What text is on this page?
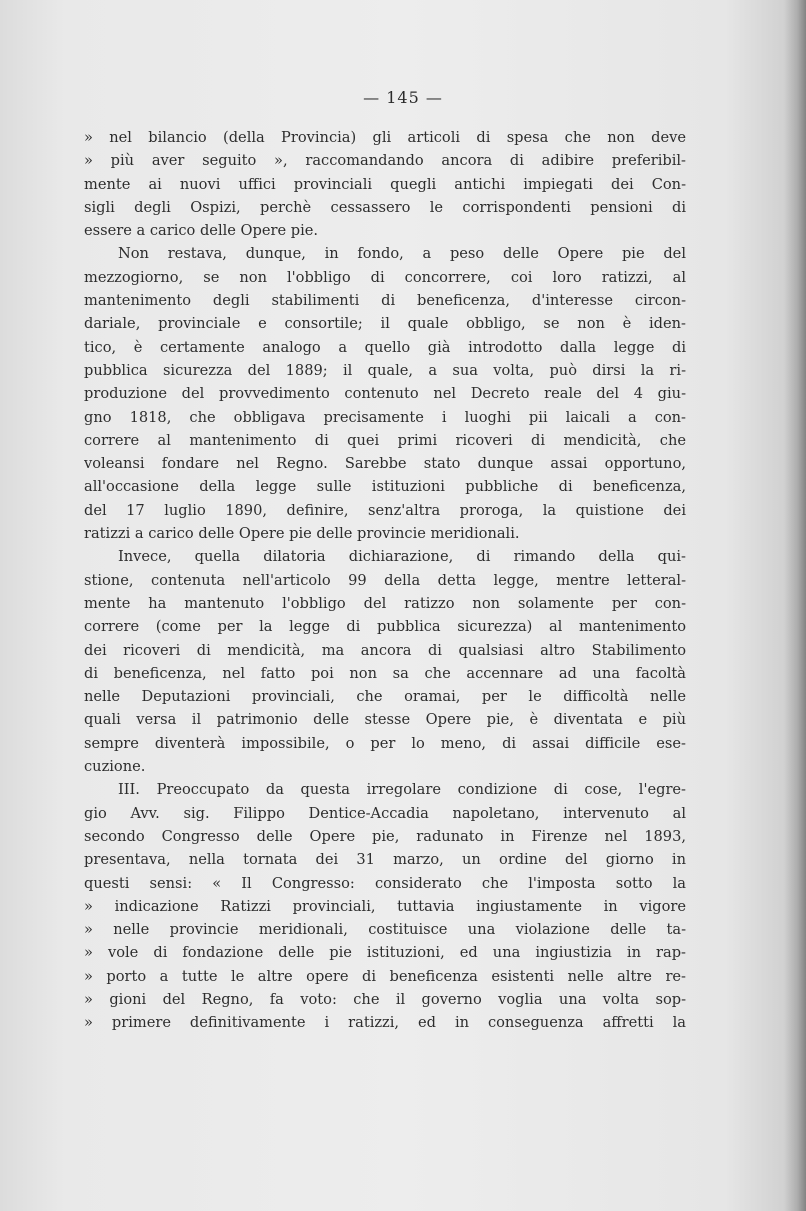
— 145 —
» nel bilancio (della Provincia) gli articoli di spesa che non deve
» più aver seguito », raccomandando ancora di adibire preferibil-
mente ai nuovi uffici provinciali quegli antichi impiegati dei Con-
sigli degli Ospizi, perchè cessassero le corrispondenti pensioni di
essere a carico delle Opere pie.
Non restava, dunque, in fondo, a peso delle Opere pie del
mezzogiorno, se non l'obbligo di concorrere, coi loro ratizzi, al
mantenimento degli stabilimenti di beneficenza, d'interesse circon-
dariale, provinciale e consortile; il quale obbligo, se non è iden-
tico, è certamente analogo a quello già introdotto dalla legge di
pubblica sicurezza del 1889; il quale, a sua volta, può dirsi la ri-
produzione del provvedimento contenuto nel Decreto reale del 4 giu-
gno 1818, che obbligava precisamente i luoghi pii laicali a con-
correre al mantenimento di quei primi ricoveri di mendicità, che
voleansi fondare nel Regno. Sarebbe stato dunque assai opportuno,
all'occasione della legge sulle istituzioni pubbliche di beneficenza,
del 17 luglio 1890, definire, senz'altra proroga, la quistione dei
ratizzi a carico delle Opere pie delle provincie meridionali.
Invece, quella dilatoria dichiarazione, di rimando della qui-
stione, contenuta nell'articolo 99 della detta legge, mentre letteral-
mente ha mantenuto l'obbligo del ratizzo non solamente per con-
correre (come per la legge di pubblica sicurezza) al mantenimento
dei ricoveri di mendicità, ma ancora di qualsiasi altro Stabilimento
di beneficenza, nel fatto poi non sa che accennare ad una facoltà
nelle Deputazioni provinciali, che oramai, per le difficoltà nelle
quali versa il patrimonio delle stesse Opere pie, è diventata e più
sempre diventerà impossibile, o per lo meno, di assai difficile ese-
cuzione.
III. Preoccupato da questa irregolare condizione di cose, l'egre-
gio Avv. sig. Filippo Dentice-Accadia napoletano, intervenuto al
secondo Congresso delle Opere pie, radunato in Firenze nel 1893,
presentava, nella tornata dei 31 marzo, un ordine del giorno in
questi sensi: « Il Congresso: considerato che l'imposta sotto la
» indicazione Ratizzi provinciali, tuttavia ingiustamente in vigore
» nelle provincie meridionali, costituisce una violazione delle ta-
» vole di fondazione delle pie istituzioni, ed una ingiustizia in rap-
» porto a tutte le altre opere di beneficenza esistenti nelle altre re-
» gioni del Regno, fa voto: che il governo voglia una volta sop-
» primere definitivamente i ratizzi, ed in conseguenza affretti la
